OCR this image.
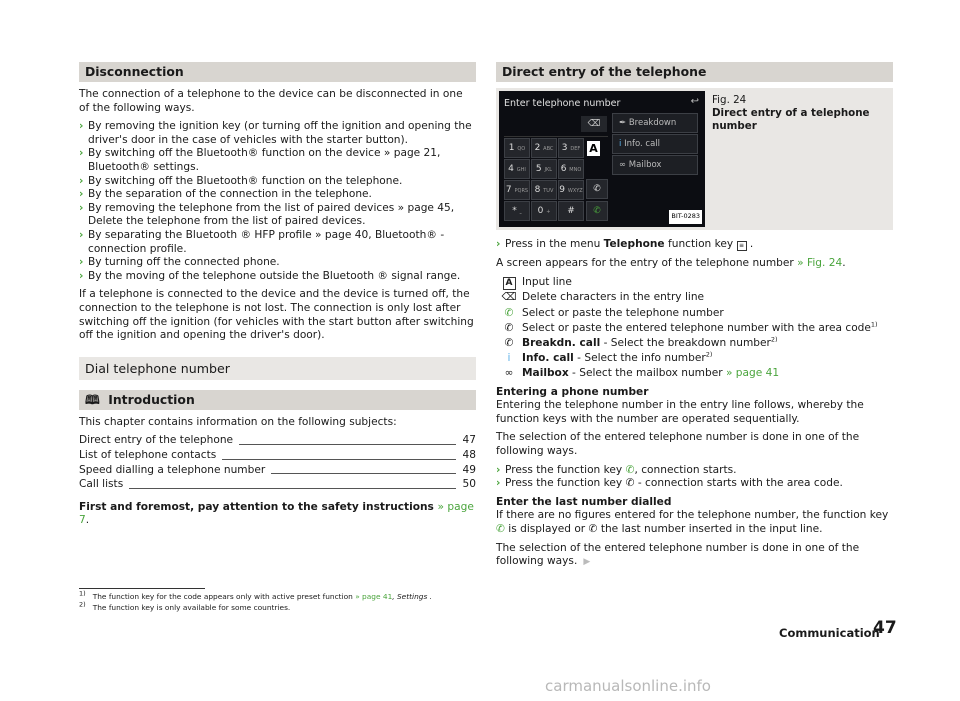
Disconnection

The connection of a telephone to the device can be disconnected in one of the following ways.

› By removing the ignition key (or turning off the ignition and opening the driver's door in the case of vehicles with the starter button).
› By switching off the Bluetooth® function on the device » page 21, Bluetooth® settings.
› By switching off the Bluetooth® function on the telephone.
› By the separation of the connection in the telephone.
› By removing the telephone from the list of paired devices » page 45, Delete the telephone from the list of paired devices.
› By separating the Bluetooth ® HFP profile » page 40, Bluetooth® - connection profile.
› By turning off the connected phone.
› By the moving of the telephone outside the Bluetooth ® signal range.

If a telephone is connected to the device and the device is turned off, the connection to the telephone is not lost. The connection is only lost after switching off the ignition (for vehicles with the start button after switching off the ignition and opening the driver's door).

Dial telephone number
🕮 Introduction

This chapter contains information on the following subjects:

Direct entry of the telephone	47
List of telephone contacts	48
Speed dialling a telephone number	49
Call lists	50

First and foremost, pay attention to the safety instructions » page 7.

Direct entry of the telephone
Enter telephone number	↩
⌫
1 QO	2 ABC 3 DEF
4 GHI	5 JKL 6 MNO
7 PQRS 8 TUV 9 WXYZ
* ⎵	0 +	#
✒ Breakdown
i Info. call
∞ Mailbox
✆
✆
A
BIT-0283
Fig. 24
Direct entry of a telephone number
› Press in the menu Telephone function key ≡ .

A screen appears for the entry of the telephone number » Fig. 24.

A Input line
⌫ Delete characters in the entry line
✆ Select or paste the telephone number
✆ Select or paste the entered telephone number with the area code$^{1)}$
✆ Breakdn. call - Select the breakdown number$^{2)}$
i	Info. call - Select the info number$^{2)}$
∞ Mailbox - Select the mailbox number » page 41

Entering a phone number

Entering the telephone number in the entry line follows, whereby the function keys with the number are operated sequentially.

The selection of the entered telephone number is done in one of the following ways.

› Press the function key ✆, connection starts.
› Press the function key ✆ - connection starts with the area code.

Enter the last number dialled

If there are no figures entered for the telephone number, the function key ✆ is displayed or ✆ the last number inserted in the input line.

The selection of the entered telephone number is done in one of the following ways. ▶

$^{1)}$ The function key for the code appears only with active preset function » page 41, Settings .
$^{2)}$ The function key is only available for some countries.
Communication
47
carmanualsonline.info
